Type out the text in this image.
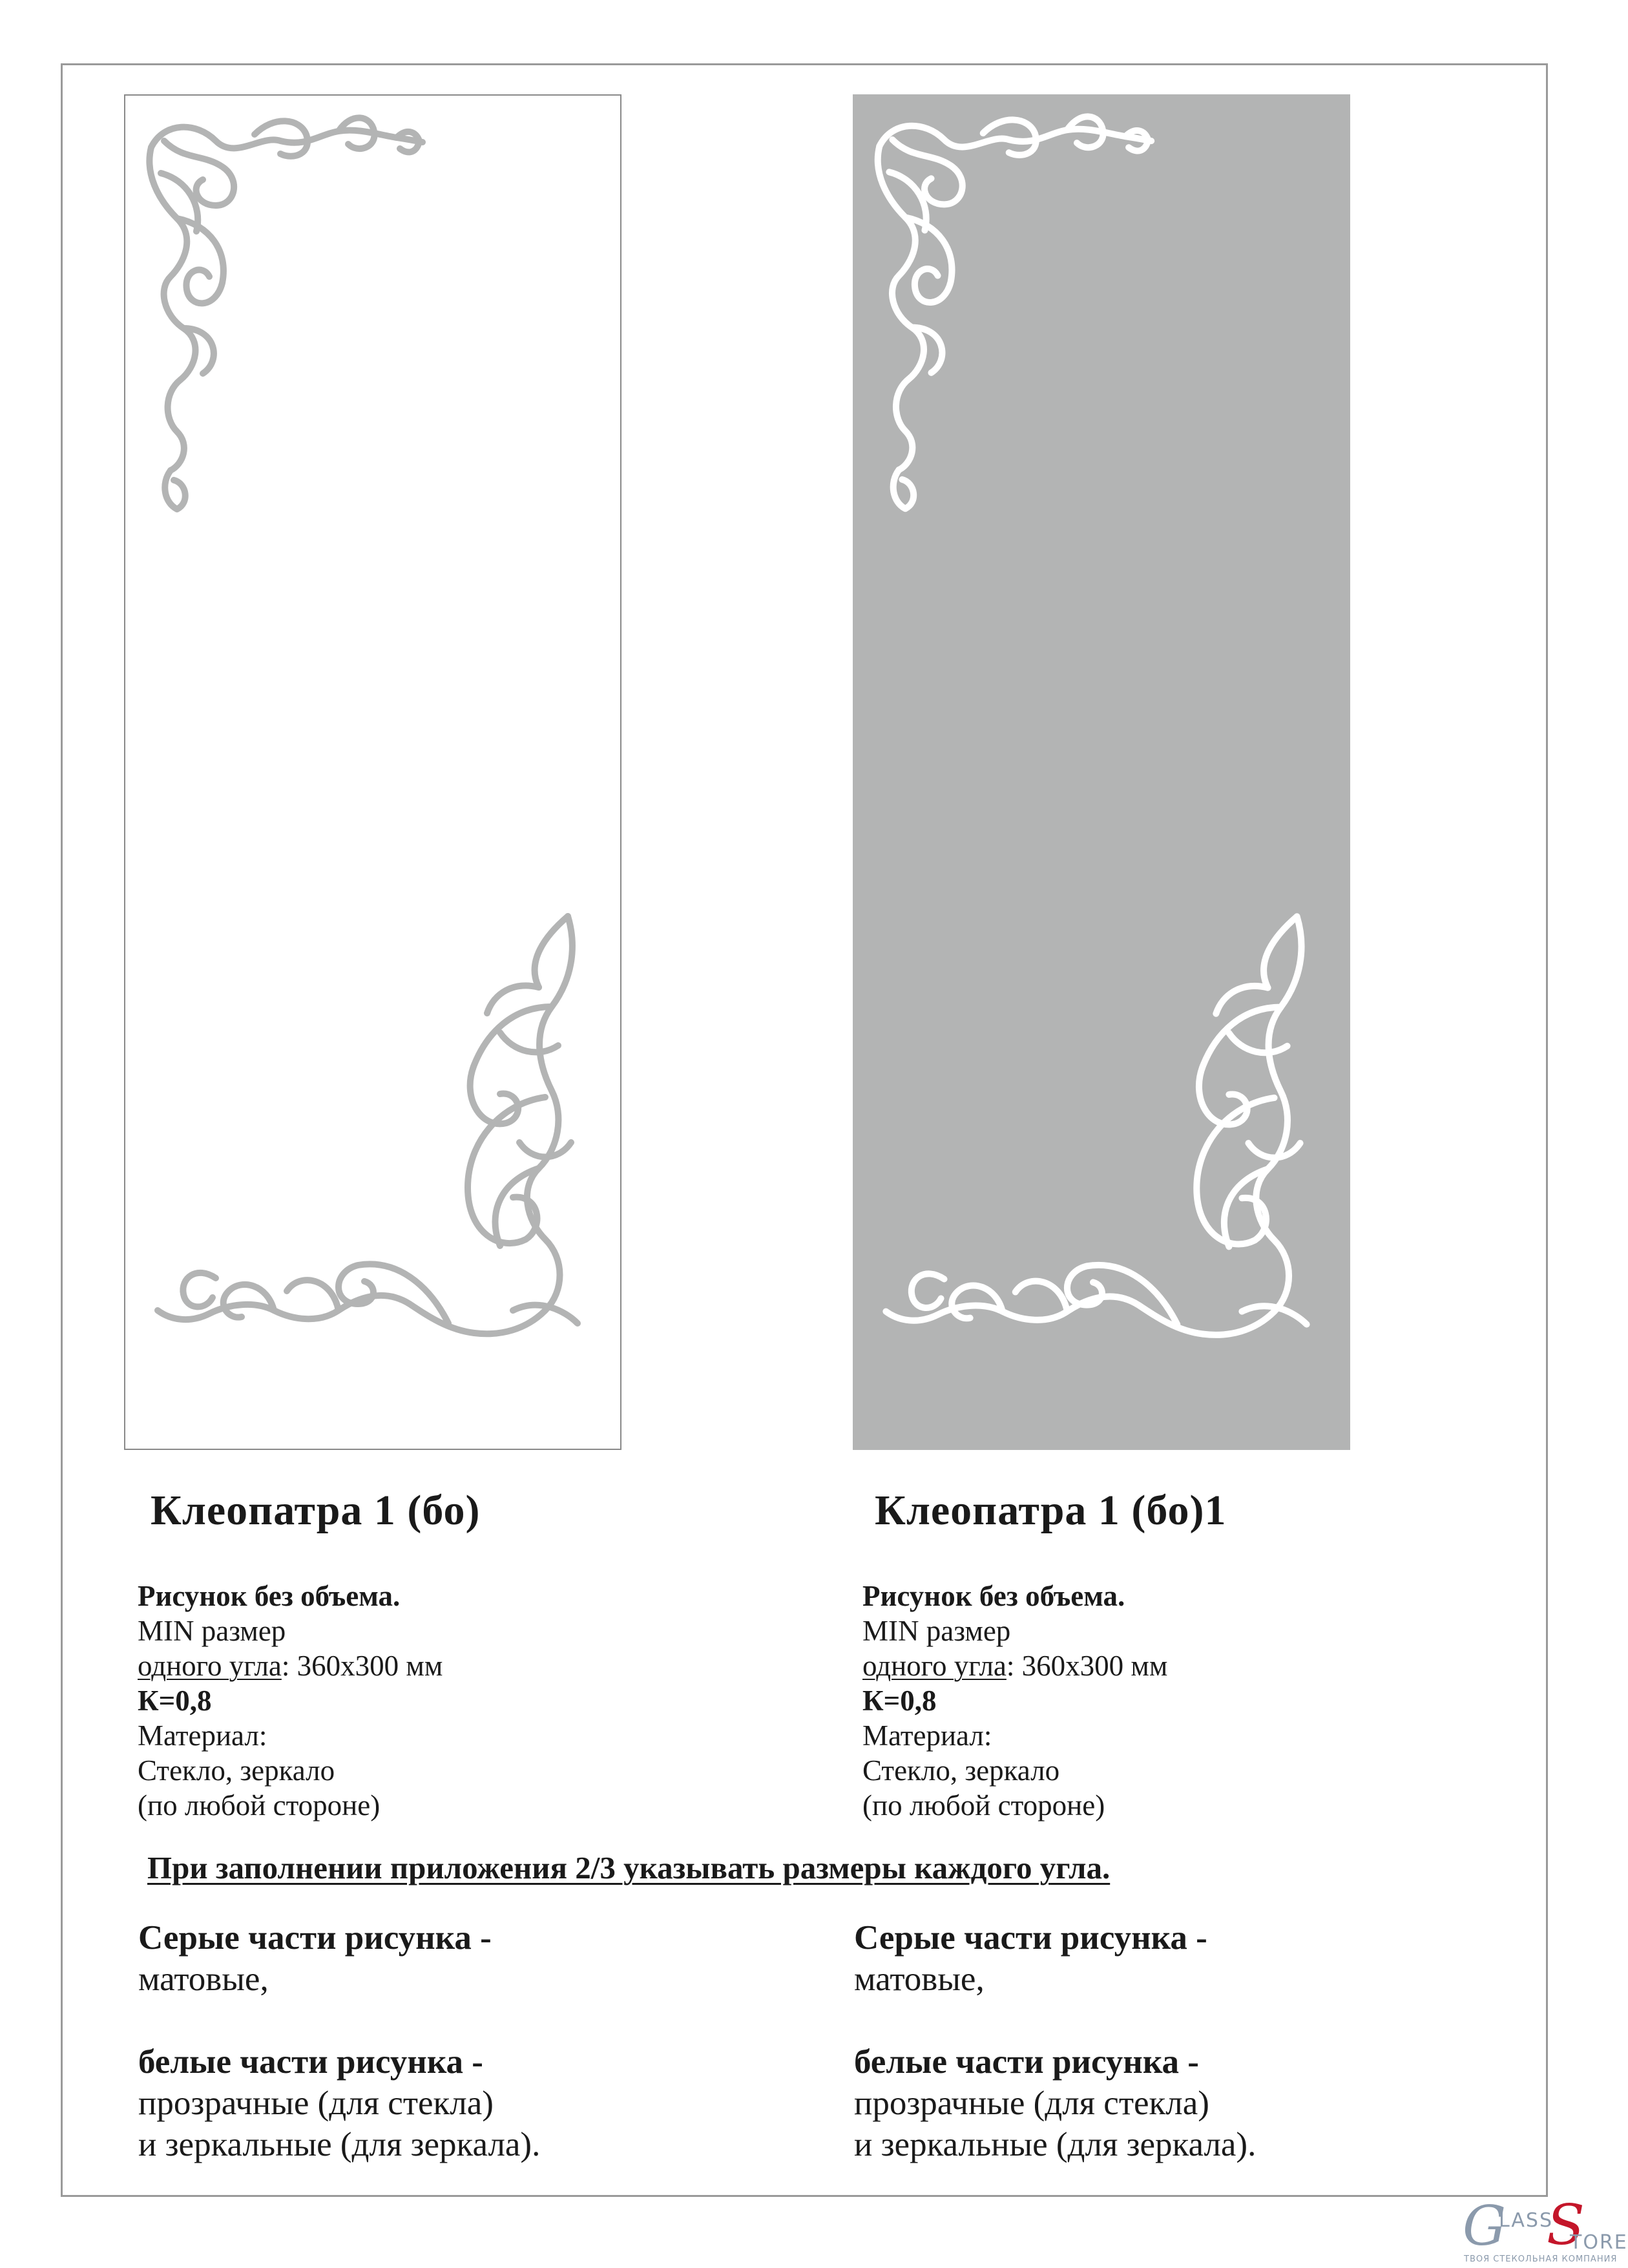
Клеопатра 1 (бо)	Клеопатра 1 (бо)1
Рисунок без объема.
MIN размер
одного угла: 360х300 мм
К=0,8
Материал:
Стекло, зеркало
(по любой стороне)
Рисунок без объема.
MIN размер
одного угла: 360х300 мм
К=0,8
Материал:
Стекло, зеркало
(по любой стороне)
При заполнении приложения 2/3 указывать размеры каждого угла.
Серые части рисунка -
матовые,
белые части рисунка -
прозрачные (для стекла)
и зеркальные (для зеркала).
Серые части рисунка -
матовые,
белые части рисунка -
прозрачные (для стекла)
и зеркальные (для зеркала).
G
LASS
S
TORE
ТВОЯ СТЕКОЛЬНАЯ КОМПАНИЯ
